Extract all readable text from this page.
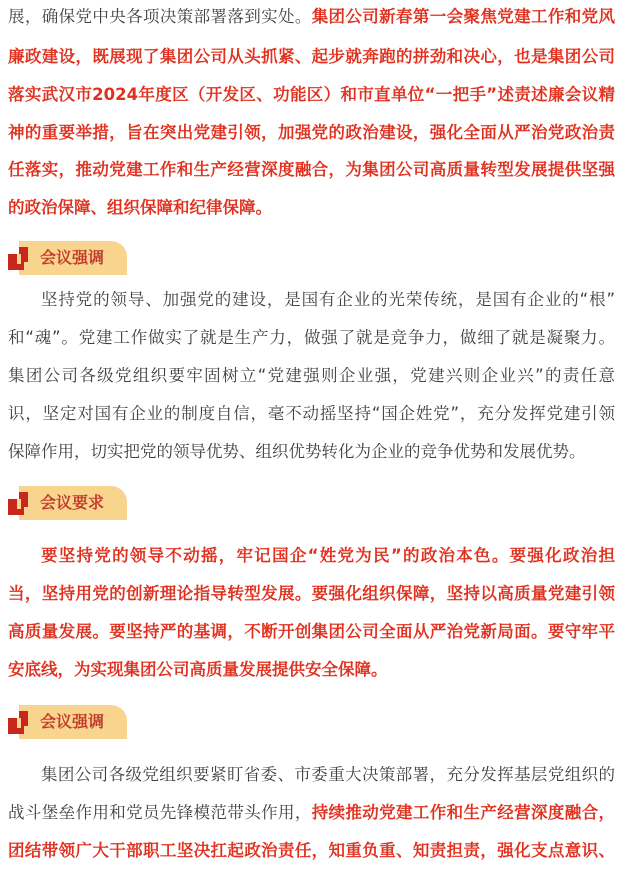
展，确保党中央各项决策部署落到实处。集团公司新春第一会聚焦党建工作和党风
廉政建设，既展现了集团公司从头抓紧、起步就奔跑的拼劲和决心，也是集团公司
落实武汉市2024年度区（开发区、功能区）和市直单位“一把手”述责述廉会议精
神的重要举措，旨在突出党建引领，加强党的政治建设，强化全面从严治党政治责
任落实，推动党建工作和生产经营深度融合，为集团公司高质量转型发展提供坚强
的政治保障、组织保障和纪律保障。
会议强调
坚持党的领导、加强党的建设，是国有企业的光荣传统，是国有企业的“根”
和“魂”。党建工作做实了就是生产力，做强了就是竞争力，做细了就是凝聚力。
集团公司各级党组织要牢固树立“党建强则企业强，党建兴则企业兴”的责任意
识，坚定对国有企业的制度自信，毫不动摇坚持“国企姓党”，充分发挥党建引领
保障作用，切实把党的领导优势、组织优势转化为企业的竞争优势和发展优势。
会议要求
要坚持党的领导不动摇，牢记国企“姓党为民”的政治本色。要强化政治担
当，坚持用党的创新理论指导转型发展。要强化组织保障，坚持以高质量党建引领
高质量发展。要坚持严的基调，不断开创集团公司全面从严治党新局面。要守牢平
安底线，为实现集团公司高质量发展提供安全保障。
会议强调
集团公司各级党组织要紧盯省委、市委重大决策部署，充分发挥基层党组织的
战斗堡垒作用和党员先锋模范带头作用，持续推动党建工作和生产经营深度融合，
团结带领广大干部职工坚决扛起政治责任，知重负重、知责担责，强化支点意识、
